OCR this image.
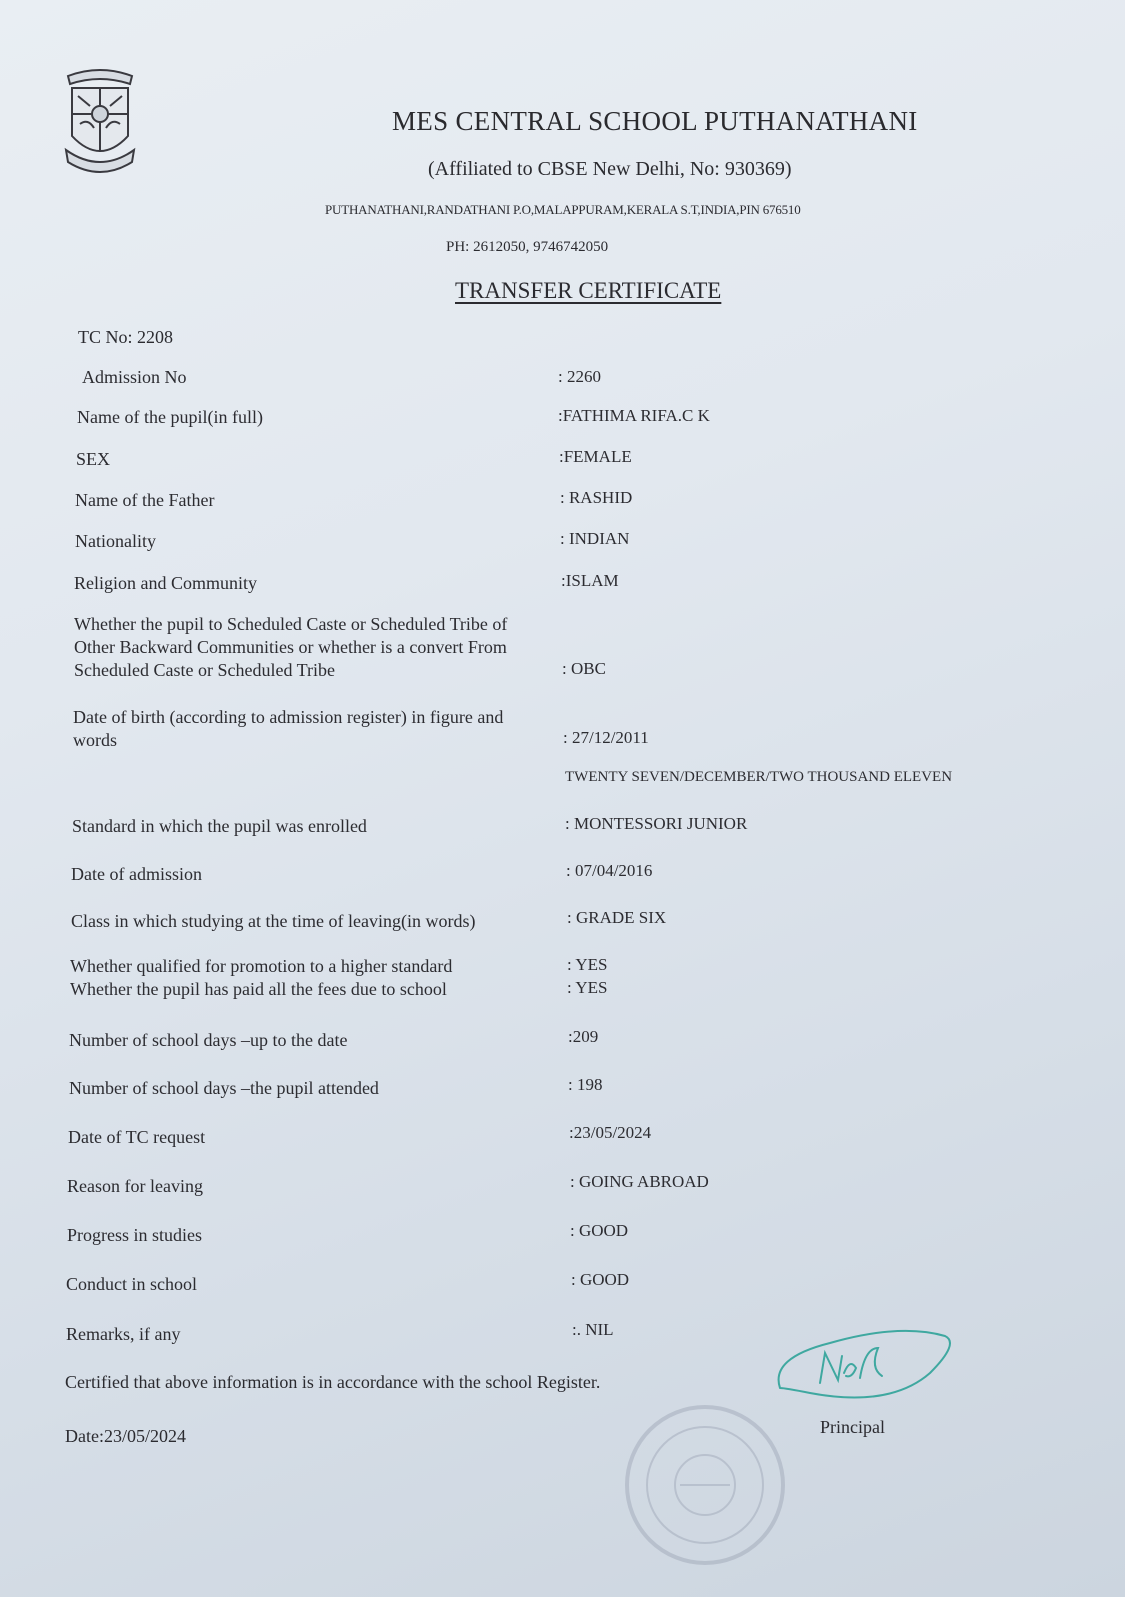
MES CENTRAL SCHOOL PUTHANATHANI
(Affiliated to CBSE New Delhi, No: 930369)
PUTHANATHANI,RANDATHANI P.O,MALAPPURAM,KERALA S.T,INDIA,PIN 676510
PH: 2612050, 9746742050
TRANSFER CERTIFICATE
TC No: 2208
Admission No	: 2260
Name of the pupil(in full)	:FATHIMA RIFA.C K
SEX	:FEMALE
Name of the Father	: RASHID
Nationality	: INDIAN
Religion and Community	:ISLAM
Whether the pupil to Scheduled Caste or Scheduled Tribe of Other Backward Communities or whether is a convert From Scheduled Caste or Scheduled Tribe	: OBC
Date of birth (according to admission register) in figure and words	: 27/12/2011
TWENTY SEVEN/DECEMBER/TWO THOUSAND ELEVEN
Standard in which the pupil was enrolled	: MONTESSORI JUNIOR
Date of admission	: 07/04/2016
Class in which studying at the time of leaving(in words)	: GRADE SIX
Whether qualified for promotion to a higher standard	: YES
Whether the pupil has paid all the fees due to school	: YES
Number of school days –up to the date	:209
Number of school days –the pupil attended	: 198
Date of TC request	:23/05/2024
Reason for leaving	: GOING ABROAD
Progress in studies	: GOOD
Conduct in school	: GOOD
Remarks, if any	:. NIL
Certified that above information is in accordance with the school Register.
Date:23/05/2024	Principal
